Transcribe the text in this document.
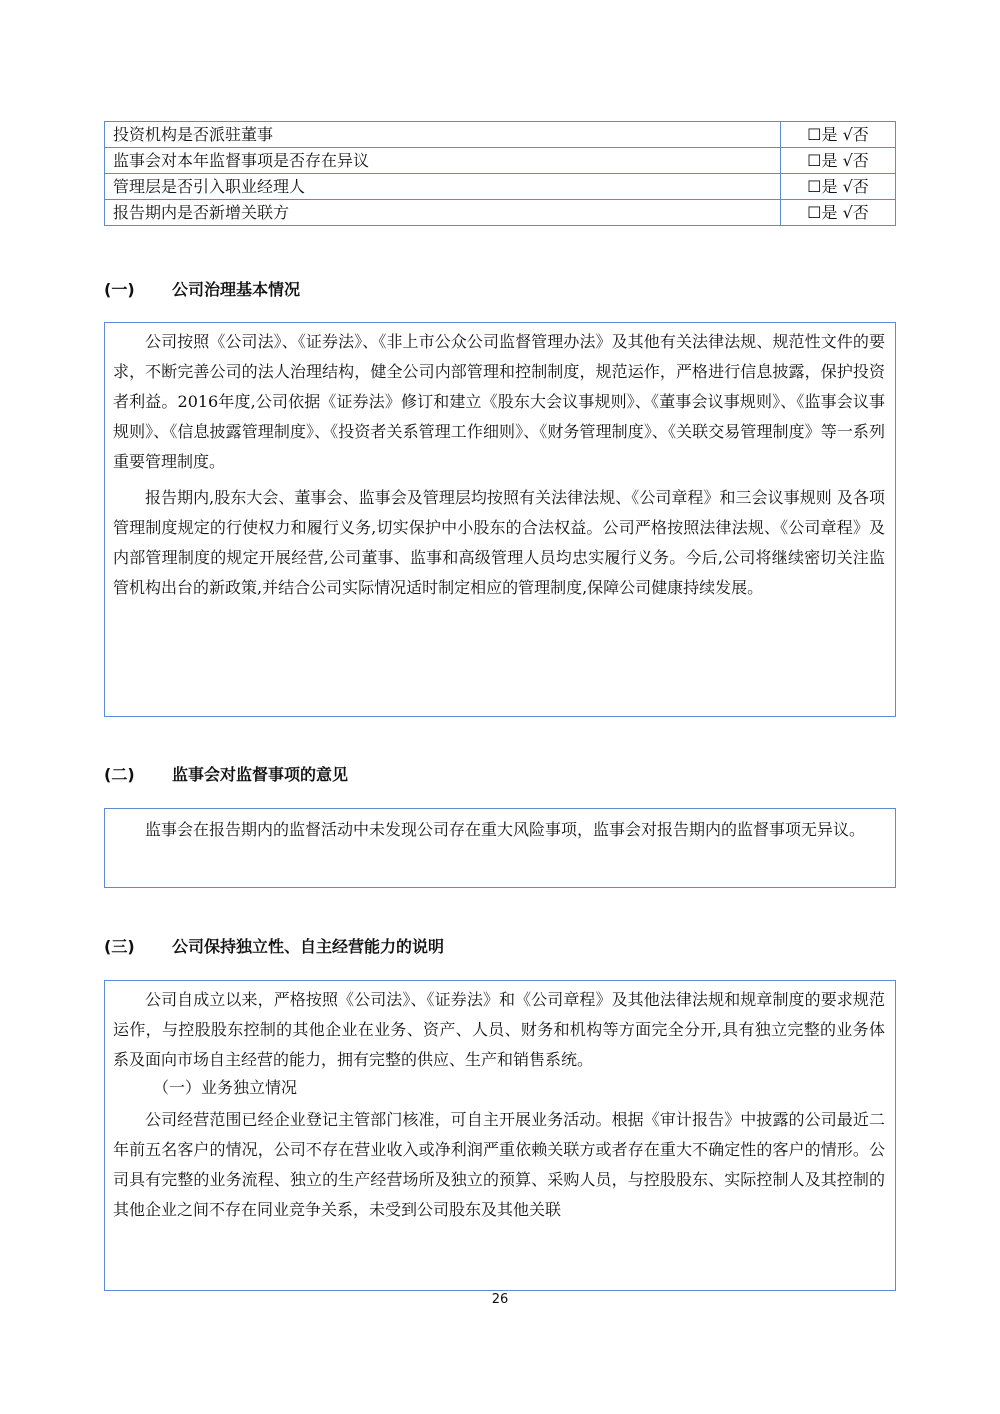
投资机构是否派驻董事	☐是 √否
监事会对本年监督事项是否存在异议	☐是 √否
管理层是否引入职业经理人	☐是 √否
报告期内是否新增关联方	☐是 √否
(一) 公司治理基本情况

公司按照《公司法》、《证券法》、《非上市公众公司监督管理办法》及其他有关法律法规、规范性文件的要求，不断完善公司的法人治理结构，健全公司内部管理和控制制度，规范运作，严格进行信息披露，保护投资者利益。2016年度,公司依据《证券法》修订和建立《股东大会议事规则》、《董事会议事规则》、《监事会议事规则》、《信息披露管理制度》、《投资者关系管理工作细则》、《财务管理制度》、《关联交易管理制度》等一系列重要管理制度。

报告期内,股东大会、董事会、监事会及管理层均按照有关法律法规、《公司章程》和三会议事规则 及各项管理制度规定的行使权力和履行义务,切实保护中小股东的合法权益。公司严格按照法律法规、《公司章程》及内部管理制度的规定开展经营,公司董事、监事和高级管理人员均忠实履行义务。今后,公司将继续密切关注监管机构出台的新政策,并结合公司实际情况适时制定相应的管理制度,保障公司健康持续发展。

(二) 监事会对监督事项的意见

监事会在报告期内的监督活动中未发现公司存在重大风险事项，监事会对报告期内的监督事项无异议。

(三) 公司保持独立性、自主经营能力的说明

公司自成立以来，严格按照《公司法》、《证券法》和《公司章程》及其他法律法规和规章制度的要求规范运作，与控股股东控制的其他企业在业务、资产、人员、财务和机构等方面完全分开,具有独立完整的业务体系及面向市场自主经营的能力，拥有完整的供应、生产和销售系统。

（一）业务独立情况

公司经营范围已经企业登记主管部门核准，可自主开展业务活动。根据《审计报告》中披露的公司最近二年前五名客户的情况，公司不存在营业收入或净利润严重依赖关联方或者存在重大不确定性的客户的情形。公司具有完整的业务流程、独立的生产经营场所及独立的预算、采购人员，与控股股东、实际控制人及其控制的其他企业之间不存在同业竞争关系，未受到公司股东及其他关联

26
